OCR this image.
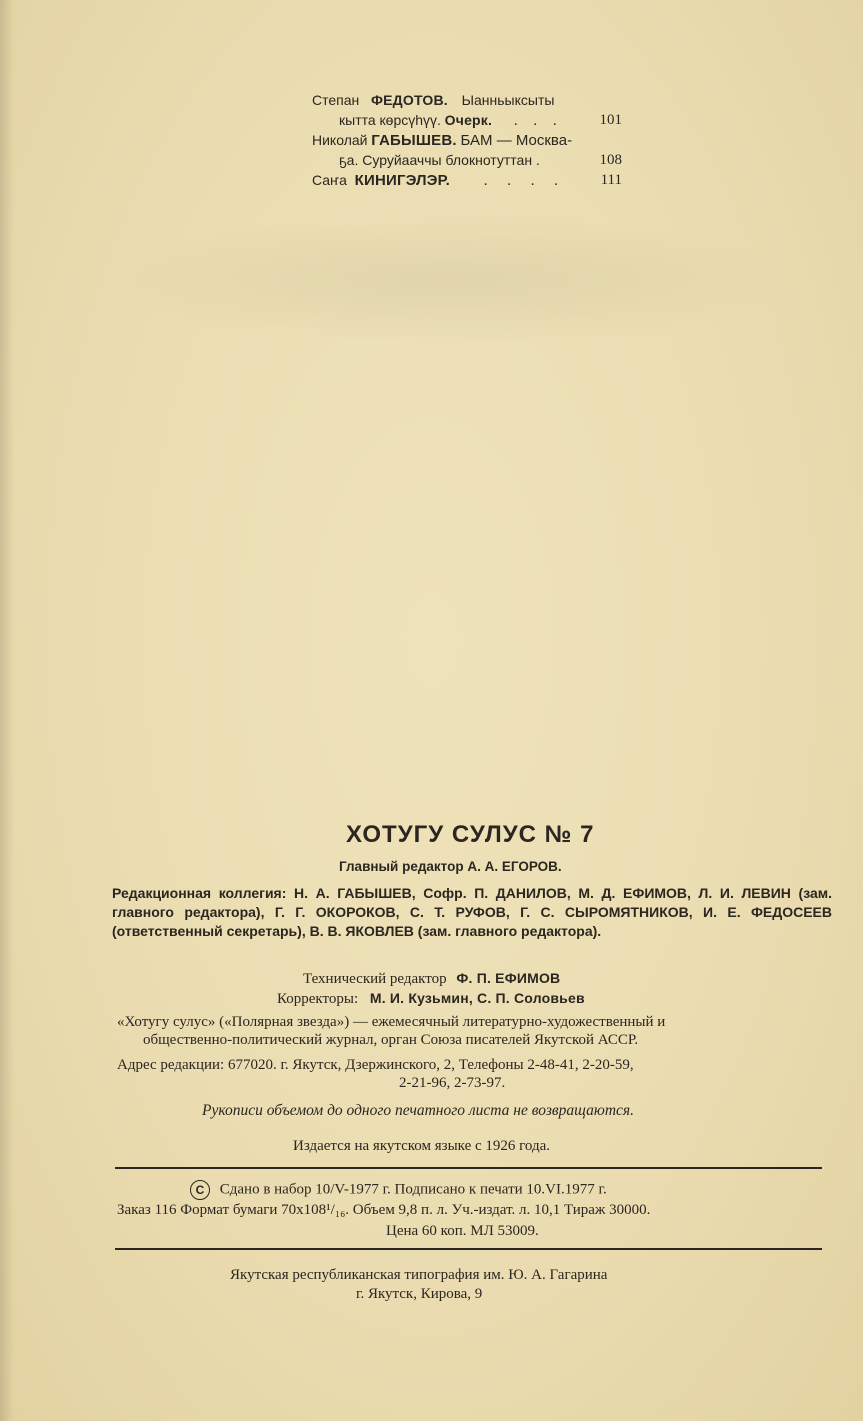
Степан ФЕДОТОВ. Ыанньыксыты
кытта көрсүһүү. Очерк. . . . 101
Николай ГАБЫШЕВ. БАМ — Москва-
ҕа. Суруйааччы блокнотуттан .	108
Саҥа КИНИГЭЛЭР. . . . . 111
ХОТУГУ СУЛУС № 7
Главный редактор А. А. ЕГОРОВ.
Редакционная коллегия: Н. А. ГАБЫШЕВ, Софр. П. ДАНИЛОВ, М. Д. ЕФИМОВ, Л. И. ЛЕВИН (зам. главного редактора), Г. Г. ОКОРОКОВ, С. Т. РУФОВ, Г. С. СЫРОМЯТНИКОВ, И. Е. ФЕДОСЕЕВ (ответственный секретарь), В. В. ЯКОВЛЕВ (зам. главного редактора).
Технический редактор Ф. П. ЕФИМОВ
Корректоры: М. И. Кузьмин, С. П. Соловьев
«Хотугу сулус» («Полярная звезда») — ежемесячный литературно-художественный и
общественно-политический журнал, орган Союза писателей Якутской АССР.
Адрес редакции: 677020. г. Якутск, Дзержинского, 2, Телефоны 2-48-41, 2-20-59,
2-21-96, 2-73-97.
Рукописи объемом до одного печатного листа не возвращаются.
Издается на якутском языке с 1926 года.
С Сдано в набор 10/V-1977 г. Подписано к печати 10.VI.1977 г.
Заказ 116 Формат бумаги 70x108¹/₁₆. Объем 9,8 п. л. Уч.-издат. л. 10,1 Тираж 30000.
Цена 60 коп. МЛ 53009.
Якутская республиканская типография им. Ю. А. Гагарина
г. Якутск, Кирова, 9
